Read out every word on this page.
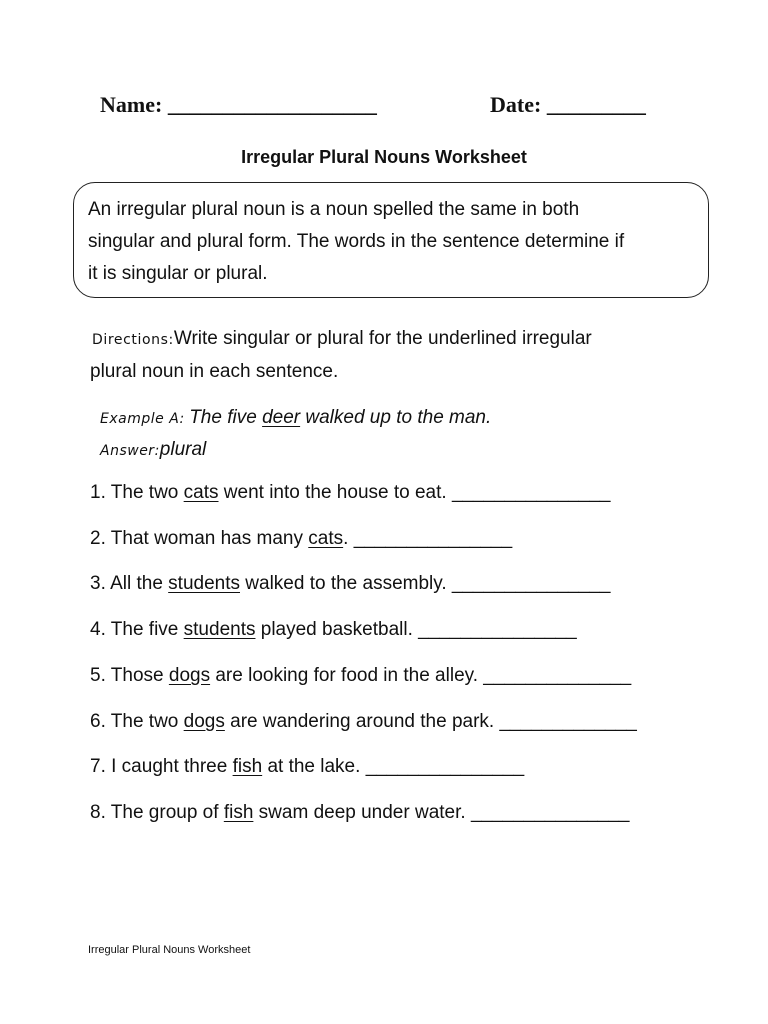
Name: ___________________	Date: _________
Irregular Plural Nouns Worksheet
An irregular plural noun is a noun spelled the same in both
singular and plural form. The words in the sentence determine if
it is singular or plural.
Directions:Write singular or plural for the underlined irregular
plural noun in each sentence.
Example A: The five deer walked up to the man.
Answer:plural
1. The two cats went into the house to eat. _______________
2. That woman has many cats. _______________
3. All the students walked to the assembly. _______________
4. The five students played basketball. _______________
5. Those dogs are looking for food in the alley. ______________
6. The two dogs are wandering around the park. _____________
7. I caught three fish at the lake. _______________
8. The group of fish swam deep under water. _______________
Irregular Plural Nouns Worksheet
